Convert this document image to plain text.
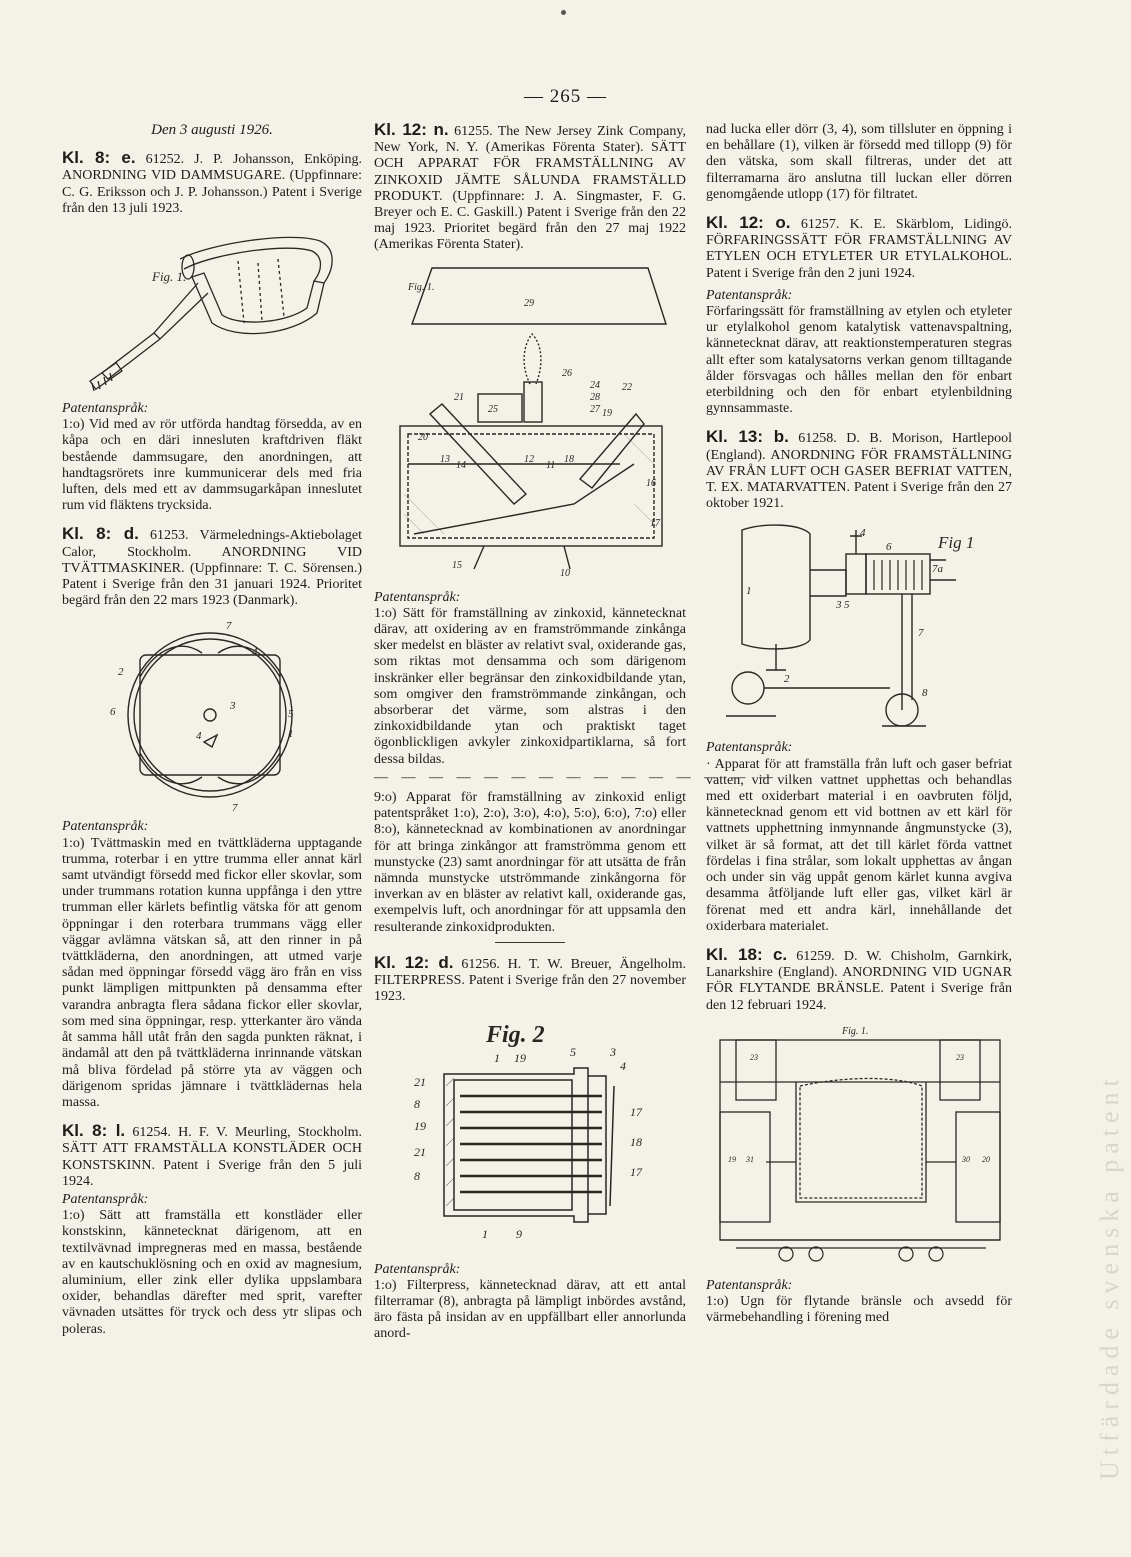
— 265 —
Utfärdade svenska patent

Den 3 augusti 1926.

Kl. 8: e. 61252. J. P. Johansson, Enköping. ANORDNING VID DAMMSUGARE. (Uppfinnare: C. G. Eriksson och J. P. Johansson.) Patent i Sverige från den 13 juli 1923.

Fig. 1.

Patentanspråk:

1:o) Vid med av rör utförda handtag försedda, av en kåpa och en däri innesluten kraftdriven fläkt bestående dammsugare, den anordningen, att handtagsrörets inre kummunicerar dels med fria luften, dels med ett av dammsugarkåpan inneslutet rum vid fläktens trycksida.

Kl. 8: d. 61253. Värmelednings-Aktiebolaget Calor, Stockholm. ANORDNING VID TVÄTTMASKINER. (Uppfinnare: T. C. Sörensen.) Patent i Sverige från den 31 januari 1924. Prioritet begärd från den 22 mars 1923 (Danmark).

7
4
2
6	3
5
1
4
7

Patentanspråk:

1:o) Tvättmaskin med en tvättkläderna upptagande trumma, roterbar i en yttre trumma eller annat kärl samt utvändigt försedd med fickor eller skovlar, som under trummans rotation kunna uppfånga i den yttre trumman eller kärlets befintlig vätska för att genom öppningar i den roterbara trummans vägg eller väggar avlämna vätskan så, att den rinner in på tvättkläderna, den anordningen, att utmed varje sådan med öppningar försedd vägg äro från en viss punkt lämpligen mittpunkten på densamma efter varandra anbragta flera sådana fickor eller skovlar, som med sina öppningar, resp. ytterkanter äro vända åt samma håll utåt från den sagda punkten räknat, i ändamål att den på tvättkläderna inrinnande vätskan må bliva fördelad på större yta av väggen och därigenom spridas jämnare i tvättklädernas hela massa.

Kl. 8: l. 61254. H. F. V. Meurling, Stockholm. SÄTT ATT FRAMSTÄLLA KONSTLÄDER OCH KONSTSKINN. Patent i Sverige från den 5 juli 1924.

Patentanspråk:

1:o) Sätt att framställa ett konstläder eller konstskinn, kännetecknat därigenom, att en textilvävnad impregneras med en massa, bestående av en kautschuklösning och en oxid av magnesium, aluminium, eller zink eller dylika uppslambara oxider, behandlas därefter med sprit, varefter vävnaden utsättes för tryck och dess ytr slipas och poleras.

Kl. 12: n. 61255. The New Jersey Zink Company, New York, N. Y. (Amerikas Förenta Stater). SÄTT OCH APPARAT FÖR FRAMSTÄLLNING AV ZINKOXID JÄMTE SÅLUNDA FRAMSTÄLLD PRODUKT. (Uppfinnare: J. A. Singmaster, F. G. Breyer och E. C. Gaskill.) Patent i Sverige från den 22 maj 1923. Prioritet begärd från den 27 maj 1922 (Amerikas Förenta Stater).

Fig. 1.
29
26
24
28
27 19
21
25
22
20
13
14
12
11
18
16
17
15
10

Patentanspråk:

1:o) Sätt för framställning av zinkoxid, kännetecknat därav, att oxidering av en framströmmande zinkånga sker medelst en bläster av relativt sval, oxiderande gas, som riktas mot densamma och som därigenom inskränker eller begränsar den zinkoxidbildande ytan, som omgiver den framströmmande zinkångan, och absorberar det värme, som alstras i den zinkoxidbildande ytan och praktiskt taget ögonblickligen avkyler zinkoxidpartiklarna, så fort dessa bildas.

— — — — — — — — — — — — — — —

9:o) Apparat för framställning av zinkoxid enligt patentspråket 1:o), 2:o), 3:o), 4:o), 5:o), 6:o), 7:o) eller 8:o), kännetecknad av kombinationen av anordningar för att bringa zinkångor att framströmma genom ett munstycke (23) samt anordningar för att utsätta de från nämnda munstycke utströmmande zinkångorna för inverkan av en bläster av relativt kall, oxiderande gas, exempelvis luft, och anordningar för att uppsamla den resulterande zinkoxidprodukten.

Kl. 12: d. 61256. H. T. W. Breuer, Ängelholm. FILTERPRESS. Patent i Sverige från den 27 november 1923.

Fig. 2
1 19	5	3
4
21
8
19
21
8
17
18
17
1 9

Patentanspråk:

1:o) Filterpress, kännetecknad därav, att ett antal filterramar (8), anbragta på lämpligt inbördes avstånd, äro fästa på insidan av en uppfällbart eller annorlunda anord-

nad lucka eller dörr (3, 4), som tillsluter en öppning i en behållare (1), vilken är försedd med tillopp (9) för den vätska, som skall filtreras, under det att filterramarna äro anslutna till luckan eller dörren genomgående utlopp (17) för filtratet.

Kl. 12: o. 61257. K. E. Skärblom, Lidingö. FÖRFARINGSSÄTT FÖR FRAMSTÄLLNING AV ETYLEN OCH ETYLETER UR ETYLALKOHOL. Patent i Sverige från den 2 juni 1924.

Patentanspråk:

Förfaringssätt för framställning av etylen och etyleter ur etylalkohol genom katalytisk vattenavspaltning, kännetecknat därav, att reaktionstemperaturen stegras allt efter som katalysatorns verkan genom tilltagande ålder försvagas och hålles mellan den för enbart eterbildning och den för enbart etylenbildning gynnsammaste.

Kl. 13: b. 61258. D. B. Morison, Hartlepool (England). ANORDNING FÖR FRAMSTÄLLNING AV FRÅN LUFT OCH GASER BEFRIAT VATTEN, T. EX. MATARVATTEN. Patent i Sverige från den 27 oktober 1921.

4
6
1
7a
3 5
7
2
8
Fig 1

Patentanspråk:

· Apparat för att framställa från luft och gaser befriat vatten, vid vilken vattnet upphettas och behandlas med ett oxiderbart material i en oavbruten följd, kännetecknad genom ett vid bottnen av ett kärl för vattnets upphettning inmynnande ångmunstycke (3), vilket är så format, att det till kärlet förda vattnet fördelas i fina strålar, som lokalt upphettas av ångan och under sin väg uppåt genom kärlet kunna avgiva desamma åtföljande luft eller gas, vilket kärl är förenat med ett andra kärl, innehållande det oxiderbara materialet.

Kl. 18: c. 61259. D. W. Chisholm, Garnkirk, Lanarkshire (England). ANORDNING VID UGNAR FÖR FLYTANDE BRÄNSLE. Patent i Sverige från den 12 februari 1924.

Fig. 1.
23	23
19 31	30 20

Patentanspråk:

1:o) Ugn för flytande bränsle och avsedd för värmebehandling i förening med
